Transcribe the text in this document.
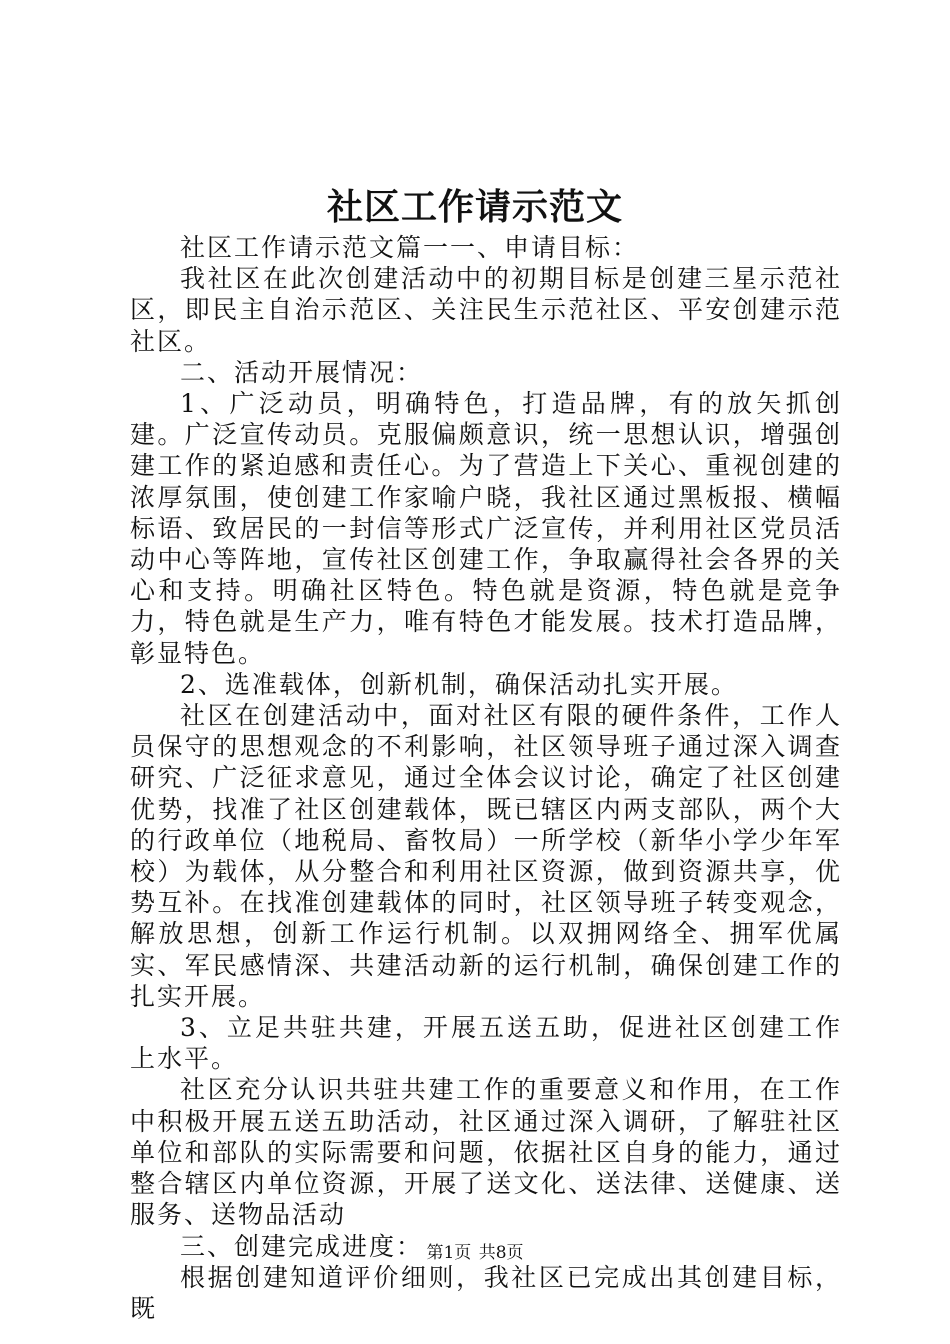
社区工作请示范文

社区工作请示范文篇一一、申请目标：

我社区在此次创建活动中的初期目标是创建三星示范社区，即民主自治示范区、关注民生示范社区、平安创建示范社区。

二、活动开展情况：

1、广泛动员，明确特色，打造品牌，有的放矢抓创建。广泛宣传动员。克服偏颇意识，统一思想认识，增强创建工作的紧迫感和责任心。为了营造上下关心、重视创建的浓厚氛围，使创建工作家喻户晓，我社区通过黑板报、横幅标语、致居民的一封信等形式广泛宣传，并利用社区党员活动中心等阵地，宣传社区创建工作，争取赢得社会各界的关心和支持。明确社区特色。特色就是资源，特色就是竞争力，特色就是生产力，唯有特色才能发展。技术打造品牌，彰显特色。

2、选准载体，创新机制，确保活动扎实开展。

社区在创建活动中，面对社区有限的硬件条件，工作人员保守的思想观念的不利影响，社区领导班子通过深入调查研究、广泛征求意见，通过全体会议讨论，确定了社区创建优势，找准了社区创建载体，既已辖区内两支部队，两个大的行政单位（地税局、畜牧局）一所学校（新华小学少年军校）为载体，从分整合和利用社区资源，做到资源共享，优势互补。在找准创建载体的同时，社区领导班子转变观念，解放思想，创新工作运行机制。以双拥网络全、拥军优属实、军民感情深、共建活动新的运行机制，确保创建工作的扎实开展。

3、立足共驻共建，开展五送五助，促进社区创建工作上水平。

社区充分认识共驻共建工作的重要意义和作用，在工作中积极开展五送五助活动，社区通过深入调研，了解驻社区单位和部队的实际需要和问题，依据社区自身的能力，通过整合辖区内单位资源，开展了送文化、送法律、送健康、送服务、送物品活动

三、创建完成进度：

根据创建知道评价细则，我社区已完成出其创建目标，既

第1页 共8页
